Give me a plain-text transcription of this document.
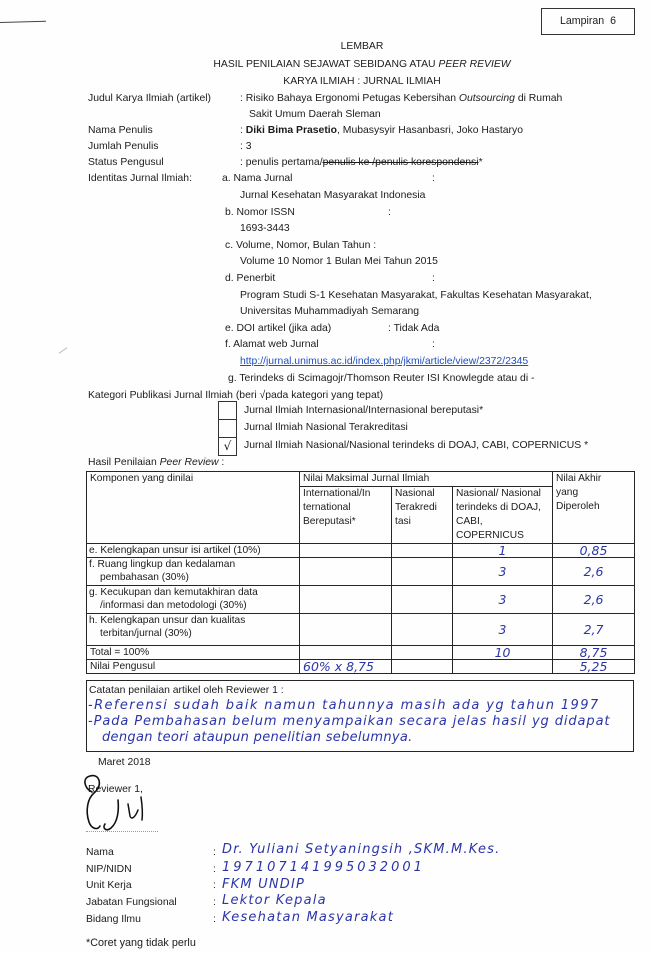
Lampiran  6
LEMBAR
HASIL PENILAIAN SEJAWAT SEBIDANG ATAU PEER REVIEW
KARYA ILMIAH : JURNAL ILMIAH
Judul Karya Ilmiah (artikel)	: Risiko Bahaya Ergonomi Petugas Kebersihan Outsourcing di Rumah
Sakit Umum Daerah Sleman
Nama Penulis	: Diki Bima Prasetio, Mubasysyir Hasanbasri, Joko Hastaryo
Jumlah Penulis	: 3
Status Pengusul	: penulis pertama/penulis ke /penulis korespondensi*
Identitas Jurnal Ilmiah:	a. Nama Jurnal	:
Jurnal Kesehatan Masyarakat Indonesia
b. Nomor ISSN	:
1693-3443
c. Volume, Nomor, Bulan Tahun :
Volume 10 Nomor 1 Bulan Mei Tahun 2015
d. Penerbit	:
Program Studi S-1 Kesehatan Masyarakat, Fakultas Kesehatan Masyarakat,
Universitas Muhammadiyah Semarang
e. DOI artikel (jika ada)	: Tidak Ada
f. Alamat web Jurnal	:
http://jurnal.unimus.ac.id/index.php/jkmi/article/view/2372/2345
g. Terindeks di Scimagojr/Thomson Reuter ISI Knowlegde atau di -
Kategori Publikasi Jurnal Ilmiah (beri √pada kategori yang tepat)
Jurnal Ilmiah Internasional/Internasional bereputasi*
Jurnal Ilmiah Nasional Terakreditasi
√	Jurnal Ilmiah Nasional/Nasional terindeks di DOAJ, CABI, COPERNICUS *
Hasil Penilaian Peer Review :
Komponen yang dinilai	Nilai Maksimal Jurnal Ilmiah			Nilai Akhir
yang
Diperoleh
	International/In
ternational
Bereputasi*	Nasional
Terakredi
tasi	Nasional/ Nasional
terindeks di DOAJ,
CABI, COPERNICUS	
e. Kelengkapan unsur isi artikel (10%)			1	0,85
f. Ruang lingkup dan kedalaman
pembahasan (30%)			3	2,6
g. Kecukupan dan kemutakhiran data
/informasi dan metodologi (30%)			3	2,6
h. Kelengkapan unsur dan kualitas
terbitan/jurnal (30%)			3	2,7
Total = 100%			10	8,75
Nilai Pengusul	60% x 8,75			5,25
Catatan penilaian artikel oleh Reviewer 1 :
-Referensi sudah baik namun tahunnya masih ada yg tahun 1997
-Pada Pembahasan belum menyampaikan secara jelas hasil yg didapat
dengan teori ataupun penelitian sebelumnya.
Maret 2018
Reviewer 1,
Nama	: Dr. Yuliani Setyaningsih ,SKM.M.Kes.
NIP/NIDN	: 197107141995032001
Unit Kerja	: FKM UNDIP
Jabatan Fungsional	: Lektor Kepala
Bidang Ilmu	: Kesehatan Masyarakat
*Coret yang tidak perlu
